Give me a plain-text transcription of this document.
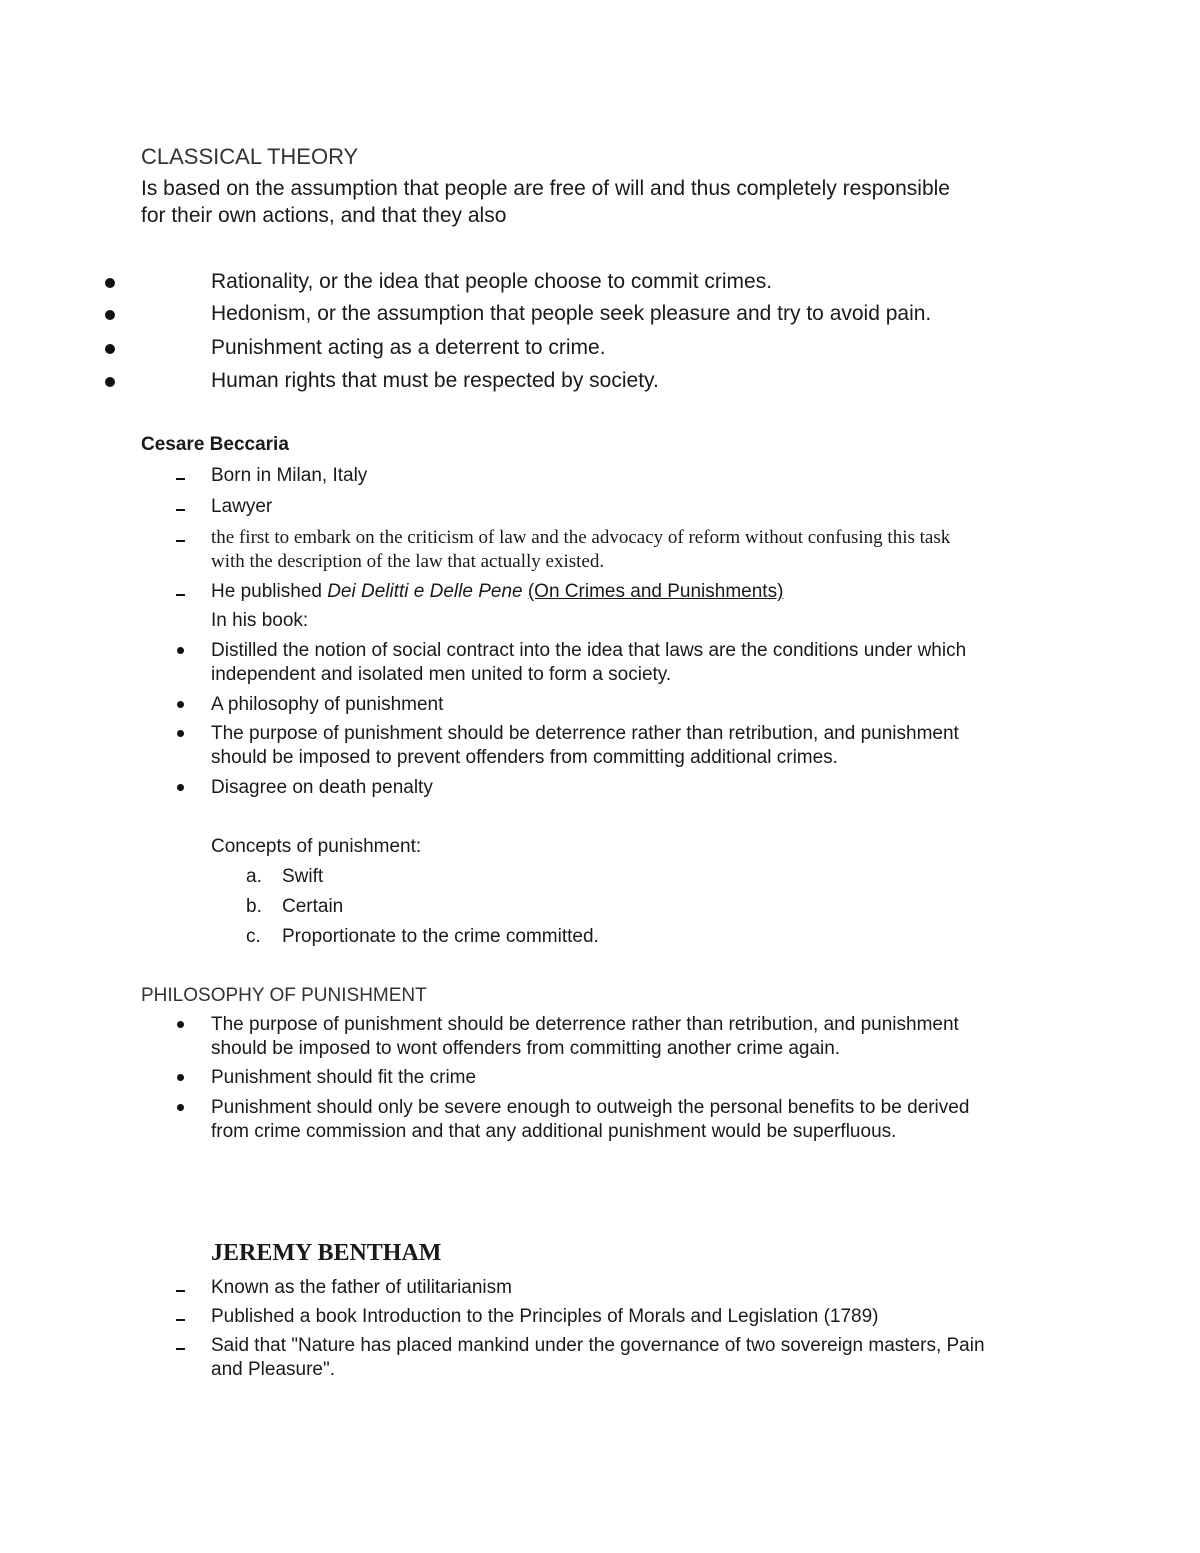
CLASSICAL THEORY
Is based on the assumption that people are free of will and thus completely responsible
for their own actions, and that they also
Rationality, or the idea that people choose to commit crimes.
Hedonism, or the assumption that people seek pleasure and try to avoid pain.
Punishment acting as a deterrent to crime.
Human rights that must be respected by society.
Cesare Beccaria
Born in Milan, Italy
Lawyer
the first to embark on the criticism of law and the advocacy of reform without confusing this task
with the description of the law that actually existed.
He published Dei Delitti e Delle Pene (On Crimes and Punishments)
In his book:
Distilled the notion of social contract into the idea that laws are the conditions under which
independent and isolated men united to form a society.
A philosophy of punishment
The purpose of punishment should be deterrence rather than retribution, and punishment
should be imposed to prevent offenders from committing additional crimes.
Disagree on death penalty
Concepts of punishment:
a. Swift
b. Certain
c. Proportionate to the crime committed.
PHILOSOPHY OF PUNISHMENT
The purpose of punishment should be deterrence rather than retribution, and punishment
should be imposed to wont offenders from committing another crime again.
Punishment should fit the crime
Punishment should only be severe enough to outweigh the personal benefits to be derived
from crime commission and that any additional punishment would be superfluous.
JEREMY BENTHAM
Known as the father of utilitarianism
Published a book Introduction to the Principles of Morals and Legislation (1789)
Said that "Nature has placed mankind under the governance of two sovereign masters, Pain
and Pleasure".
